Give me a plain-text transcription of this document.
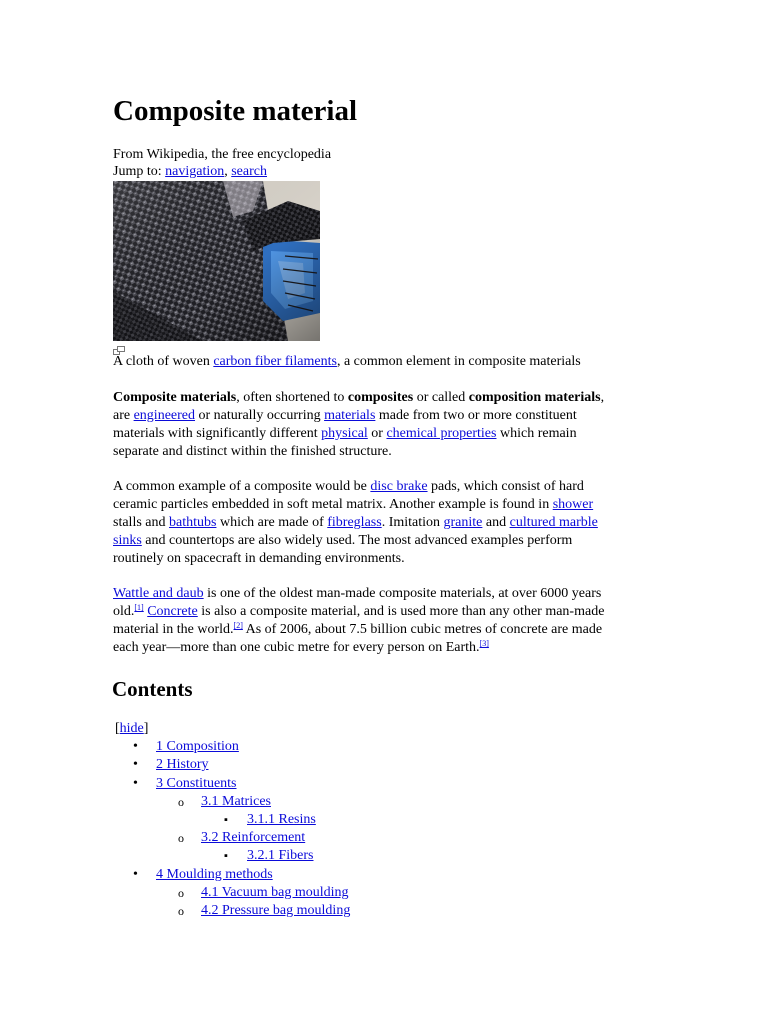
Composite material
From Wikipedia, the free encyclopedia
Jump to: navigation, search
A cloth of woven carbon fiber filaments, a common element in composite materials
Composite materials, often shortened to composites or called composition materials,
are engineered or naturally occurring materials made from two or more constituent
materials with significantly different physical or chemical properties which remain
separate and distinct within the finished structure.
A common example of a composite would be disc brake pads, which consist of hard
ceramic particles embedded in soft metal matrix. Another example is found in shower
stalls and bathtubs which are made of fibreglass. Imitation granite and cultured marble
sinks and countertops are also widely used. The most advanced examples perform
routinely on spacecraft in demanding environments.
Wattle and daub is one of the oldest man-made composite materials, at over 6000 years
old.[1] Concrete is also a composite material, and is used more than any other man-made
material in the world.[2] As of 2006, about 7.5 billion cubic metres of concrete are made
each year—more than one cubic metre for every person on Earth.[3]
Contents
[hide]
• 1 Composition
• 2 History
• 3 Constituents
o 3.1 Matrices
▪ 3.1.1 Resins
o 3.2 Reinforcement
▪ 3.2.1 Fibers
• 4 Moulding methods
o 4.1 Vacuum bag moulding
o 4.2 Pressure bag moulding
